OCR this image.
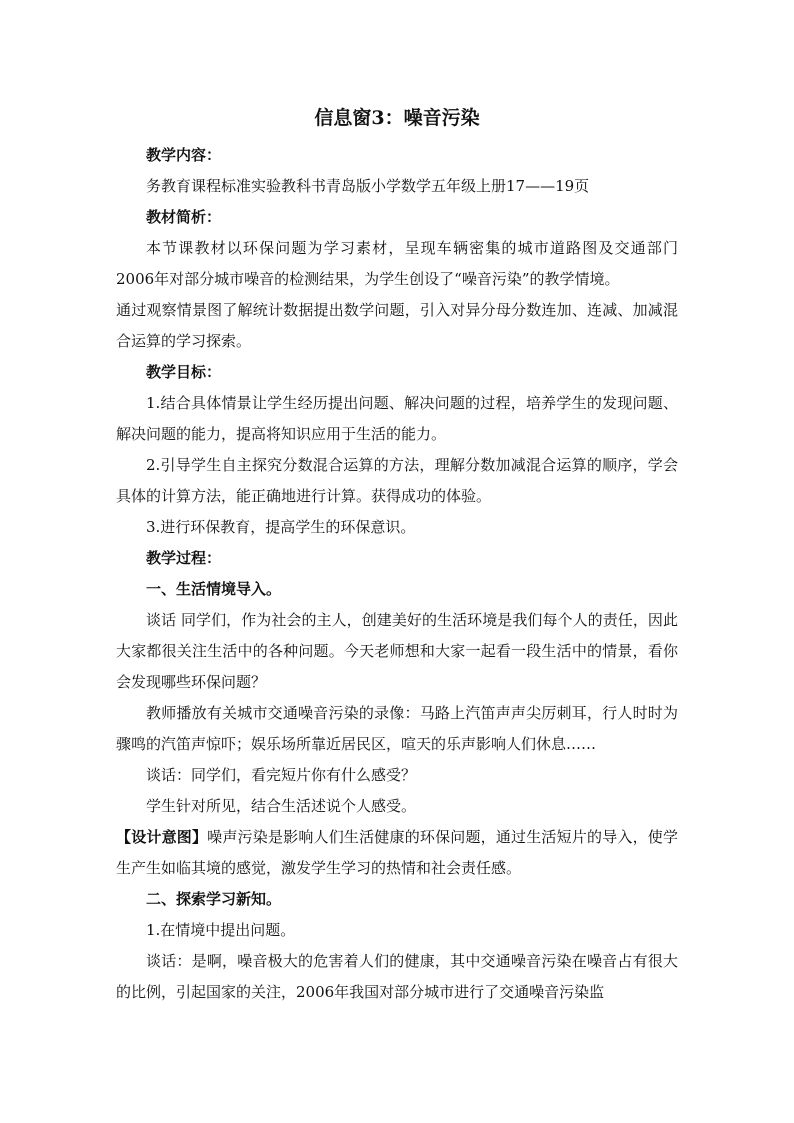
信息窗3：噪音污染

教学内容：

务教育课程标准实验教科书青岛版小学数学五年级上册17——19页

教材简析：

本节课教材以环保问题为学习素材，呈现车辆密集的城市道路图及交通部门2006年对部分城市噪音的检测结果，为学生创设了“噪音污染”的教学情境。

通过观察情景图了解统计数据提出数学问题，引入对异分母分数连加、连减、加减混合运算的学习探索。

教学目标：

1.结合具体情景让学生经历提出问题、解决问题的过程，培养学生的发现问题、解决问题的能力，提高将知识应用于生活的能力。

2.引导学生自主探究分数混合运算的方法，理解分数加减混合运算的顺序，学会具体的计算方法，能正确地进行计算。获得成功的体验。

3.进行环保教育，提高学生的环保意识。

教学过程：

一、生活情境导入。

谈话 同学们，作为社会的主人，创建美好的生活环境是我们每个人的责任，因此大家都很关注生活中的各种问题。今天老师想和大家一起看一段生活中的情景，看你会发现哪些环保问题？

教师播放有关城市交通噪音污染的录像：马路上汽笛声声尖厉刺耳，行人时时为骤鸣的汽笛声惊吓；娱乐场所靠近居民区，喧天的乐声影响人们休息……

谈话：同学们，看完短片你有什么感受？

学生针对所见，结合生活述说个人感受。

【设计意图】噪声污染是影响人们生活健康的环保问题，通过生活短片的导入，使学生产生如临其境的感觉，激发学生学习的热情和社会责任感。

二、探索学习新知。

1.在情境中提出问题。

谈话：是啊，噪音极大的危害着人们的健康，其中交通噪音污染在噪音占有很大的比例，引起国家的关注，2006年我国对部分城市进行了交通噪音污染监
